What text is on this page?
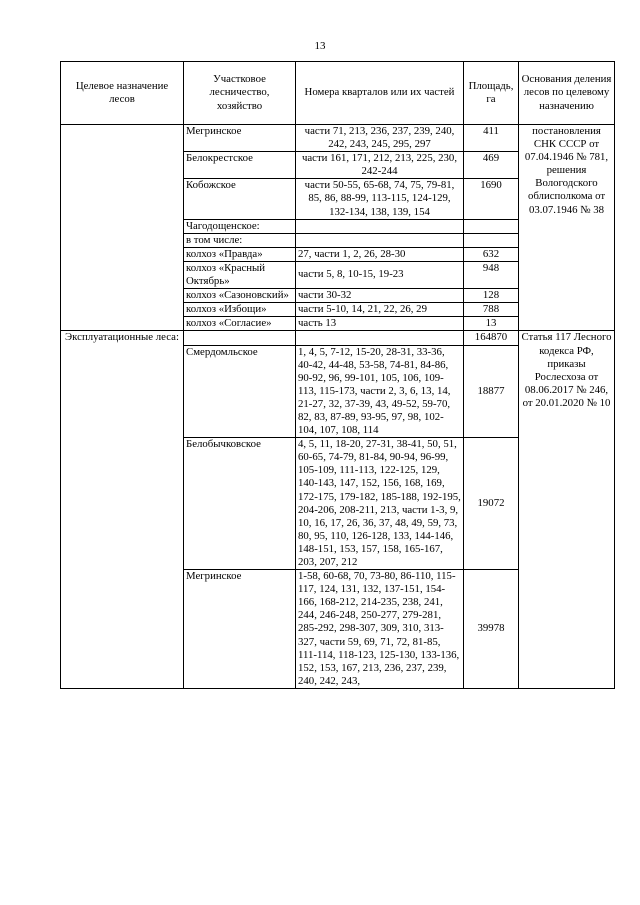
13
Целевое назначение лесов	Участковое лесничество, хозяйство	Номера кварталов или их частей	Площадь, га	Основания деления лесов по целевому назначению
	Мегринское	части 71, 213, 236, 237, 239, 240, 242, 243, 245, 295, 297	411	постановления СНК СССР от 07.04.1946 № 781, решения Вологодского облисполкома от 03.07.1946 № 38
	Белокрестское	части 161, 171, 212, 213, 225, 230, 242-244	469	
	Кобожское	части 50-55, 65-68, 74, 75, 79-81, 85, 86, 88-99, 113-115, 124-129, 132-134, 138, 139, 154	1690	
	Чагодощенское:			
	в том числе:			
	колхоз «Правда»	27, части 1, 2, 26, 28-30	632	
	колхоз «Красный Октябрь»	части 5, 8, 10-15, 19-23	948	
	колхоз «Сазоновский»	части 30-32	128	
	колхоз «Избощи»	части 5-10, 14, 21, 22, 26, 29	788	
	колхоз «Согласие»	часть 13	13	
Эксплуатационные леса:			164870	Статья 117 Лесного кодекса РФ, приказы Рослесхоза от 08.06.2017 № 246, от 20.01.2020 № 10
	Смердомльское	1, 4, 5, 7-12, 15-20, 28-31, 33-36, 40-42, 44-48, 53-58, 74-81, 84-86, 90-92, 96, 99-101, 105, 106, 109-113, 115-173, части 2, 3, 6, 13, 14, 21-27, 32, 37-39, 43, 49-52, 59-70, 82, 83, 87-89, 93-95, 97, 98, 102-104, 107, 108, 114	18877	
	Белобычковское	4, 5, 11, 18-20, 27-31, 38-41, 50, 51, 60-65, 74-79, 81-84, 90-94, 96-99, 105-109, 111-113, 122-125, 129, 140-143, 147, 152, 156, 168, 169, 172-175, 179-182, 185-188, 192-195, 204-206, 208-211, 213, части 1-3, 9, 10, 16, 17, 26, 36, 37, 48, 49, 59, 73, 80, 95, 110, 126-128, 133, 144-146, 148-151, 153, 157, 158, 165-167, 203, 207, 212	19072	
	Мегринское	1-58, 60-68, 70, 73-80, 86-110, 115-117, 124, 131, 132, 137-151, 154-166, 168-212, 214-235, 238, 241, 244, 246-248, 250-277, 279-281, 285-292, 298-307, 309, 310, 313-327, части 59, 69, 71, 72, 81-85, 111-114, 118-123, 125-130, 133-136, 152, 153, 167, 213, 236, 237, 239, 240, 242, 243,	39978	
